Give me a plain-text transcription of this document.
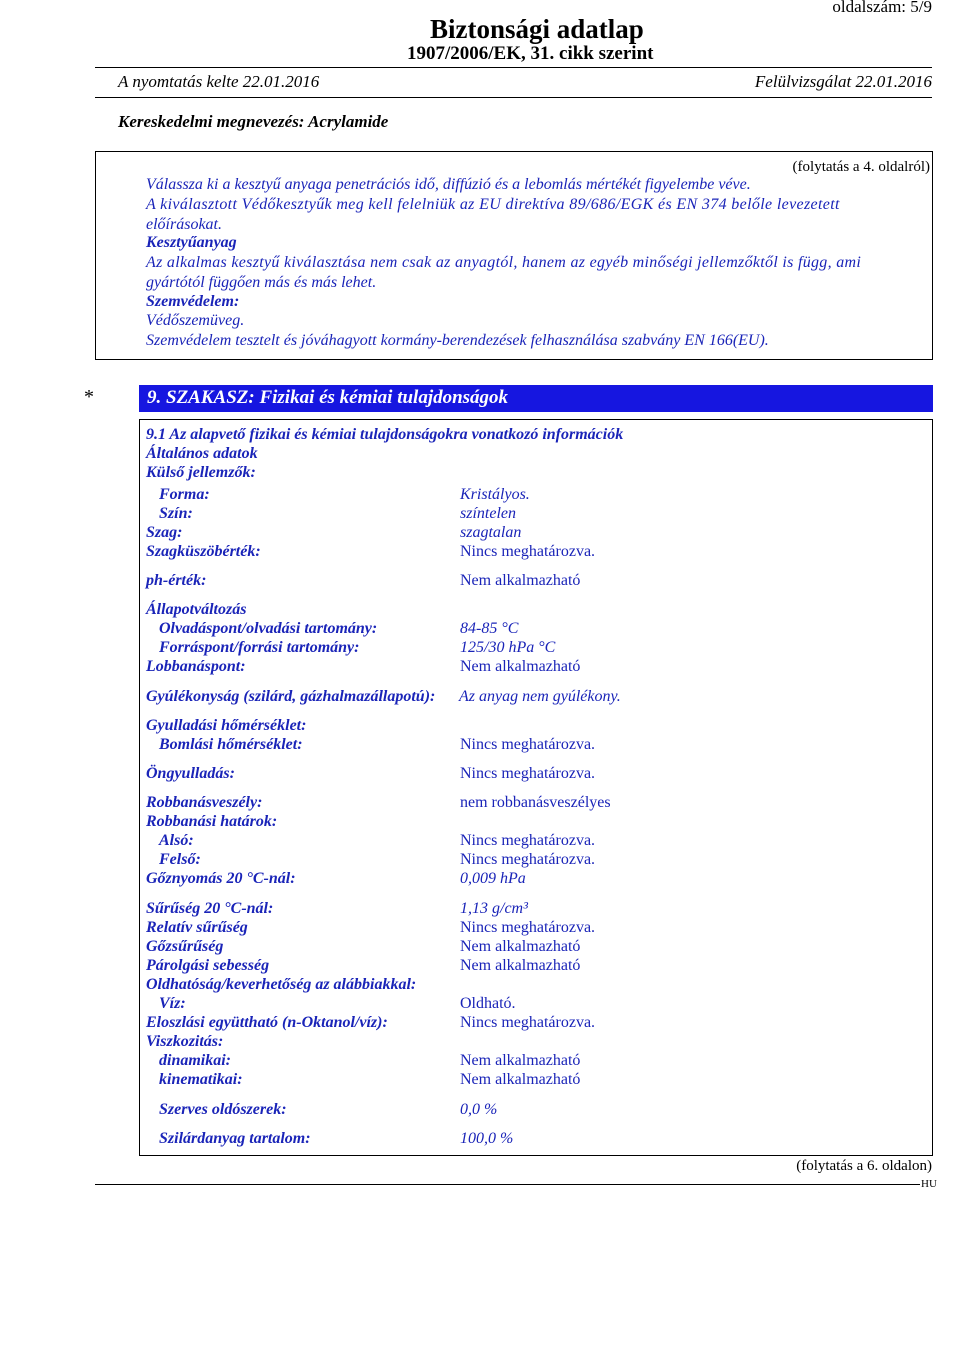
oldalszám: 5/9
Biztonsági adatlap
1907/2006/EK, 31. cikk szerint
A nyomtatás kelte 22.01.2016	Felülvizsgálat 22.01.2016
Kereskedelmi megnevezés: Acrylamide
(folytatás a 4. oldalról)
Válassza ki a kesztyű anyaga penetrációs idő, diffúzió és a lebomlás mértékét figyelembe véve.
A kiválasztott Védőkesztyűk meg kell felelniük az EU direktíva 89/686/EGK és EN 374 belőle levezetett
előírásokat.
Kesztyűanyag
Az alkalmas kesztyű kiválasztása nem csak az anyagtól, hanem az egyéb minőségi jellemzőktől is függ, ami
gyártótól függően más és más lehet.
Szemvédelem:
Védőszemüveg.
Szemvédelem tesztelt és jóváhagyott kormány-berendezések felhasználása szabvány EN 166(EU).
*	9. SZAKASZ: Fizikai és kémiai tulajdonságok
9.1 Az alapvető fizikai és kémiai tulajdonságokra vonatkozó információk
Általános adatok
Külső jellemzők:
Forma:	Kristályos.
Szín:	színtelen
Szag:	szagtalan
Szagküszöbérték:	Nincs meghatározva.
ph-érték:	Nem alkalmazható
Állapotváltozás
Olvadáspont/olvadási tartomány:	84-85 °C
Forráspont/forrási tartomány:	125/30 hPa °C
Lobbanáspont:	Nem alkalmazható
Gyúlékonyság (szilárd, gázhalmazállapotú): Az anyag nem gyúlékony.
Gyulladási hőmérséklet:
Bomlási hőmérséklet:	Nincs meghatározva.
Öngyulladás:	Nincs meghatározva.
Robbanásveszély:	nem robbanásveszélyes
Robbanási határok:
Alsó:	Nincs meghatározva.
Felső:	Nincs meghatározva.
Gőznyomás 20 °C-nál:	0,009 hPa
Sűrűség 20 °C-nál:	1,13 g/cm³
Relatív sűrűség	Nincs meghatározva.
Gőzsűrűség	Nem alkalmazható
Párolgási sebesség	Nem alkalmazható
Oldhatóság/keverhetőség az alábbiakkal:
Víz:	Oldható.
Eloszlási együttható (n-Oktanol/víz):	Nincs meghatározva.
Viszkozitás:
dinamikai:	Nem alkalmazható
kinematikai:	Nem alkalmazható
Szerves oldószerek:	0,0 %
Szilárdanyag tartalom:	100,0 %
(folytatás a 6. oldalon)
HU
